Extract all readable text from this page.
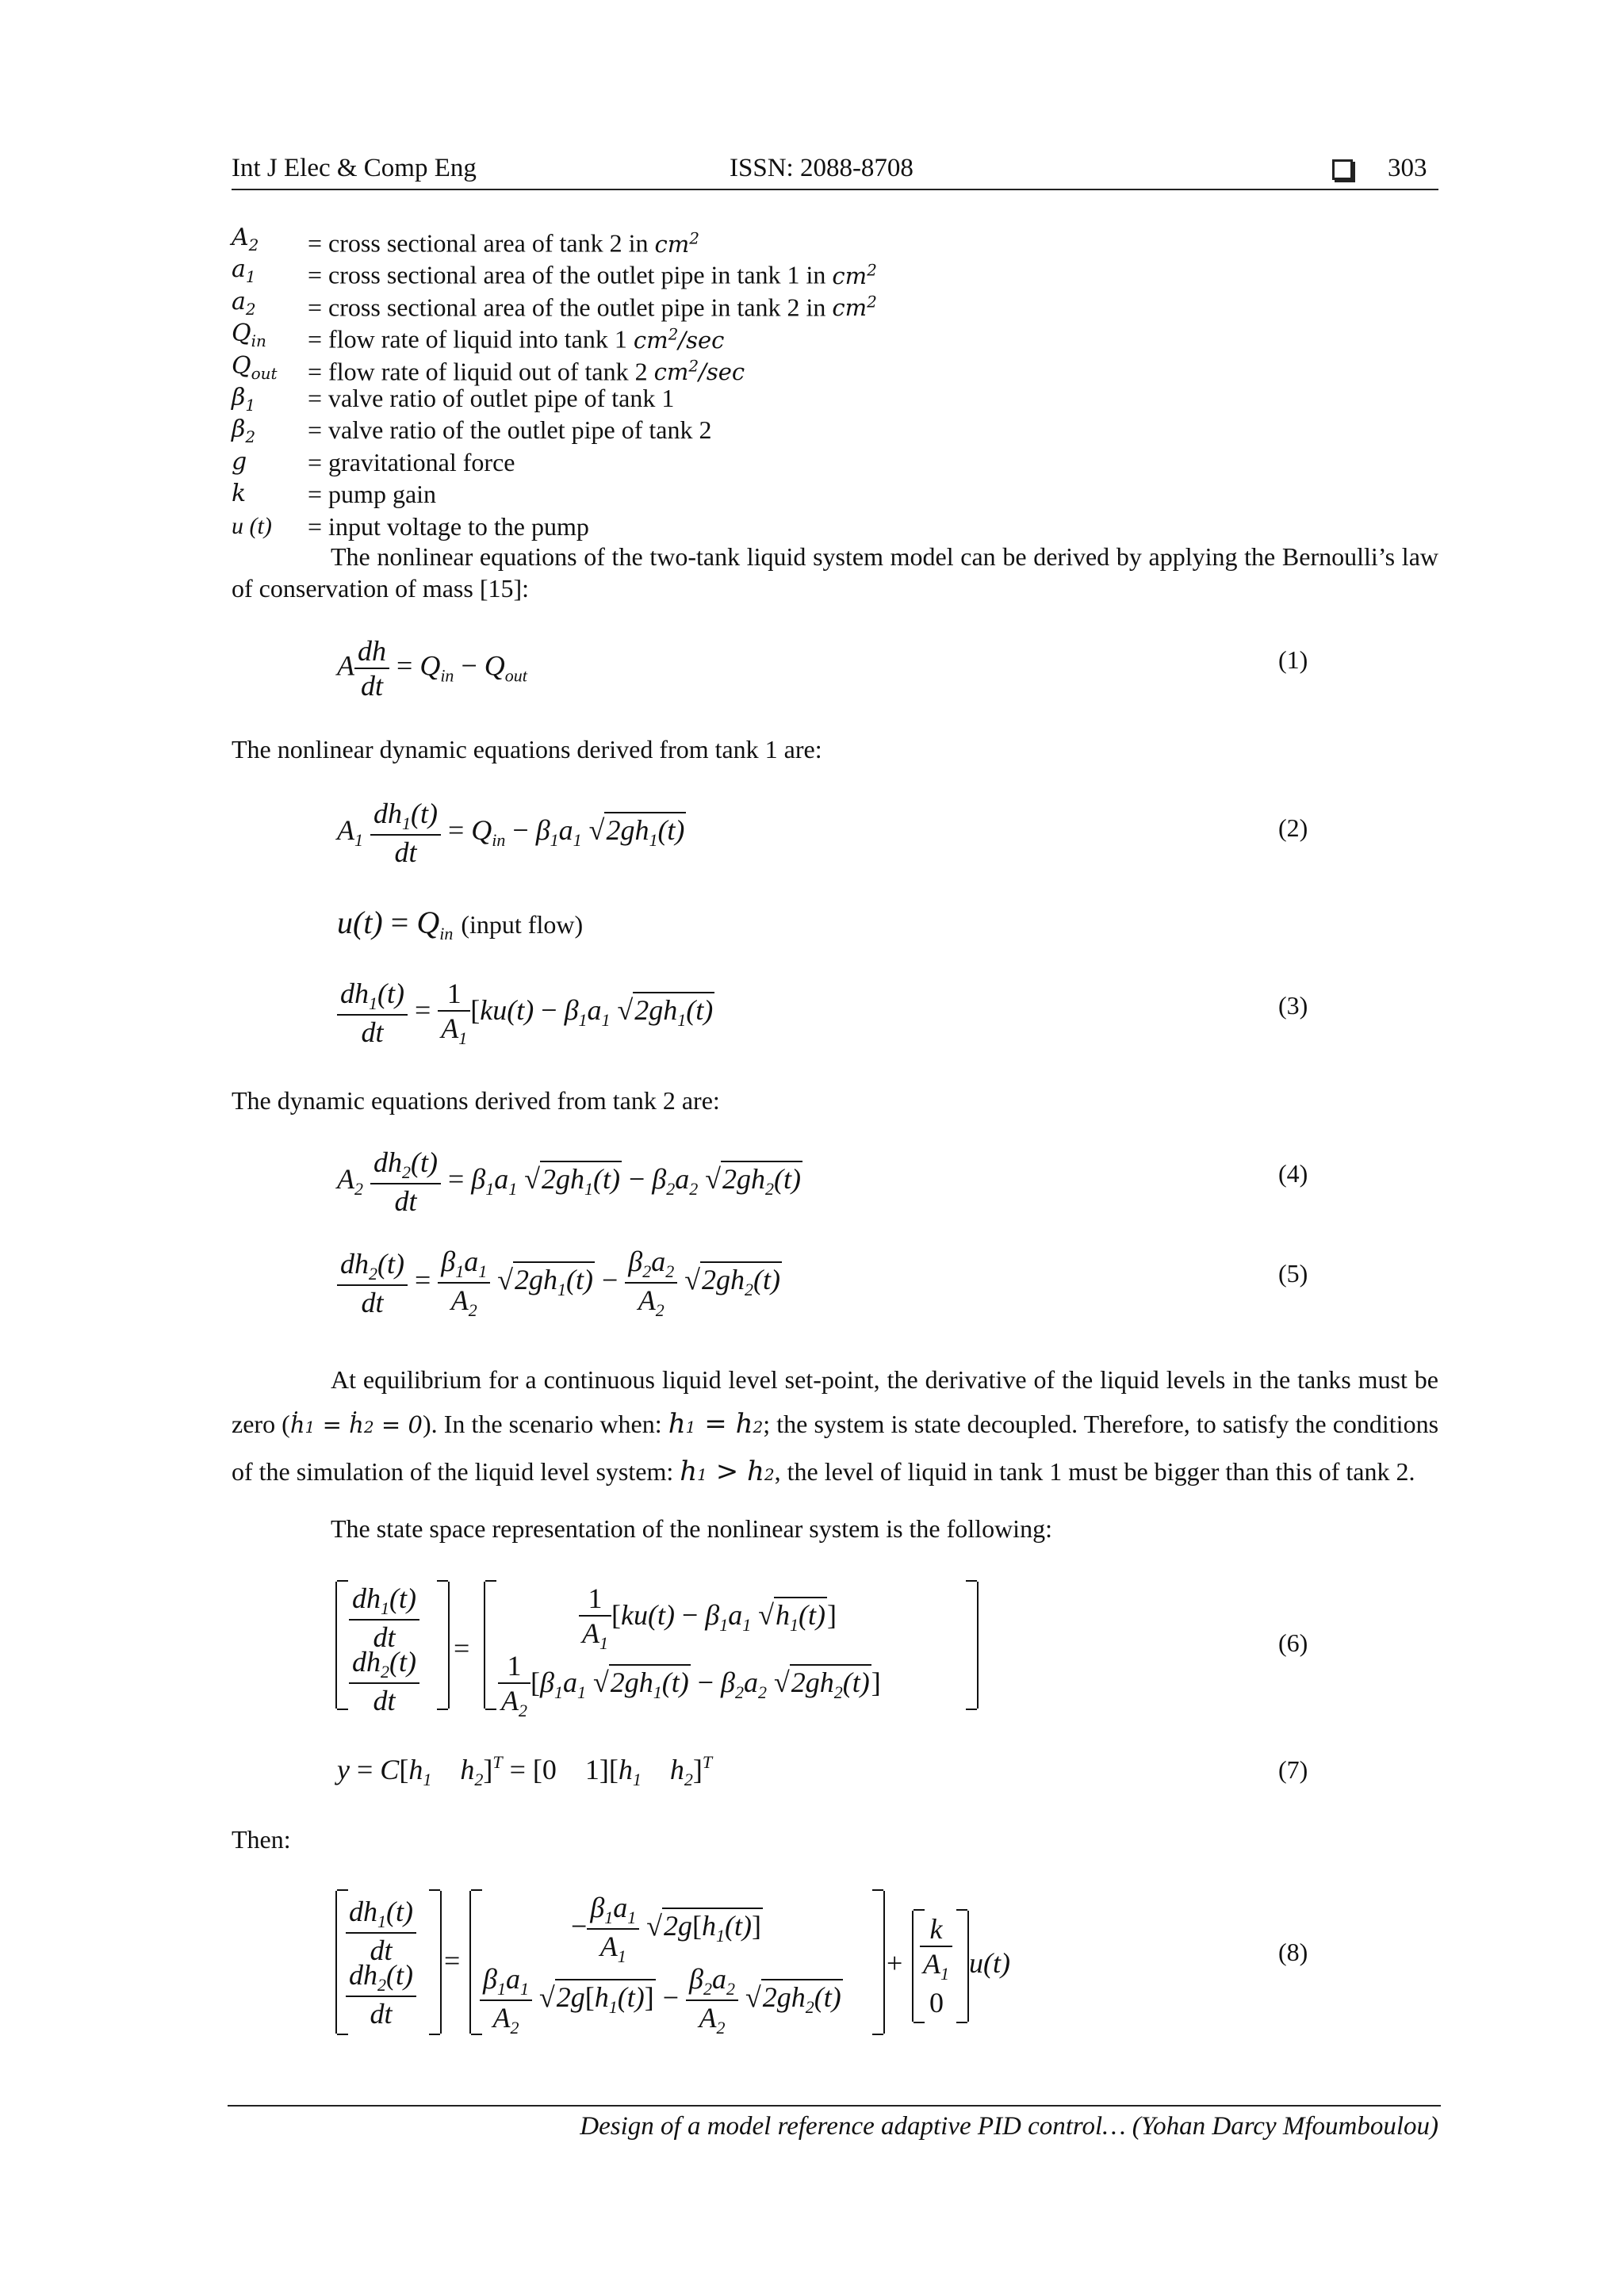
Int J Elec & Comp Eng	ISSN: 2088-8708	303
$A_2$ = cross sectional area of tank 2 in $cm^2$
$a_1$ = cross sectional area of the outlet pipe in tank 1 in $cm^2$
$a_2$ = cross sectional area of the outlet pipe in tank 2 in $cm^2$
$Q_{in}$ = flow rate of liquid into tank 1 $cm^2/\sec$
$Q_{out}$ = flow rate of liquid out of tank 2 $cm^2/\sec$
$\beta_1$ = valve ratio of outlet pipe of tank 1
$\beta_2$ = valve ratio of the outlet pipe of tank 2
g = gravitational force
k = pump gain
u (t) = input voltage to the pump
The nonlinear equations of the two-tank liquid system model can be derived by applying the Bernoulli’s law of conservation of mass [15]:
A $\frac{dh}{dt} = Q_{in} - Q_{out}$
(1)
The nonlinear dynamic equations derived from tank 1 are:
$A_1 \frac{dh_1(t)}{dt} = Q_{in} - \beta_1a_1$ $√2gh_1(t)$	(2)
$u(t) = Q_{in}$ (input flow)
$\frac{dh_1(t)}{dt} = \frac{1}{A_1} [ku(t) - \beta_1a_1$ $√2gh_1(t)$	(3)
The dynamic equations derived from tank 2 are:
$A_2 \frac{dh_2(t)}{dt} = \beta_1a_1$ $√2gh_1(t) - \beta_2a_2$ $√2gh_2(t)$	(4)
$\frac{dh_2(t)}{dt} = \frac{\beta_1a_1}{A_2} √2gh_1(t) - \frac{\beta_2a_2}{A_2} √2gh_2(t)$	(5)
At equilibrium for a continuous liquid level set-point, the derivative of the liquid levels in the tanks must be zero (ḣ1 = ḣ2 = 0). In the scenario when: h1 = h2; the system is state decoupled. Therefore, to satisfy the conditions of the simulation of the liquid level system: h1 > h2, the level of liquid in tank 1 must be bigger than this of tank 2.
The state space representation of the nonlinear system is the following:
$\frac{dh_1(t)}{dt}$
$\frac{dh_2(t)}{dt}$ =	$\frac{1}{A_1} [ku(t) - \beta_1a_1$ $√h_1(t)$]
$\frac{1}{A_2} [\beta_1a_1$ $√2gh_1(t) - \beta_2a_2$ $√2gh_2(t)$]
(6)
$y = C[h_1$    $h_2]^T = [0$    $1][h_1$    $h_2]^T$	(7)
Then:
$\frac{dh_1(t)}{dt}$
$\frac{dh_2(t)}{dt}$ =
− $\frac{\beta_1a_1}{A_1} √2g[h_1(t)]$
$\frac{\beta_1a_1}{A_2} √2g[h_1(t)] - \frac{\beta_2a_2}{A_2} √2gh_2(t)$
+ $\frac{k}{A_1}$
0
u(t)	(8)
Design of a model reference adaptive PID control… (Yohan Darcy Mfoumboulou)
